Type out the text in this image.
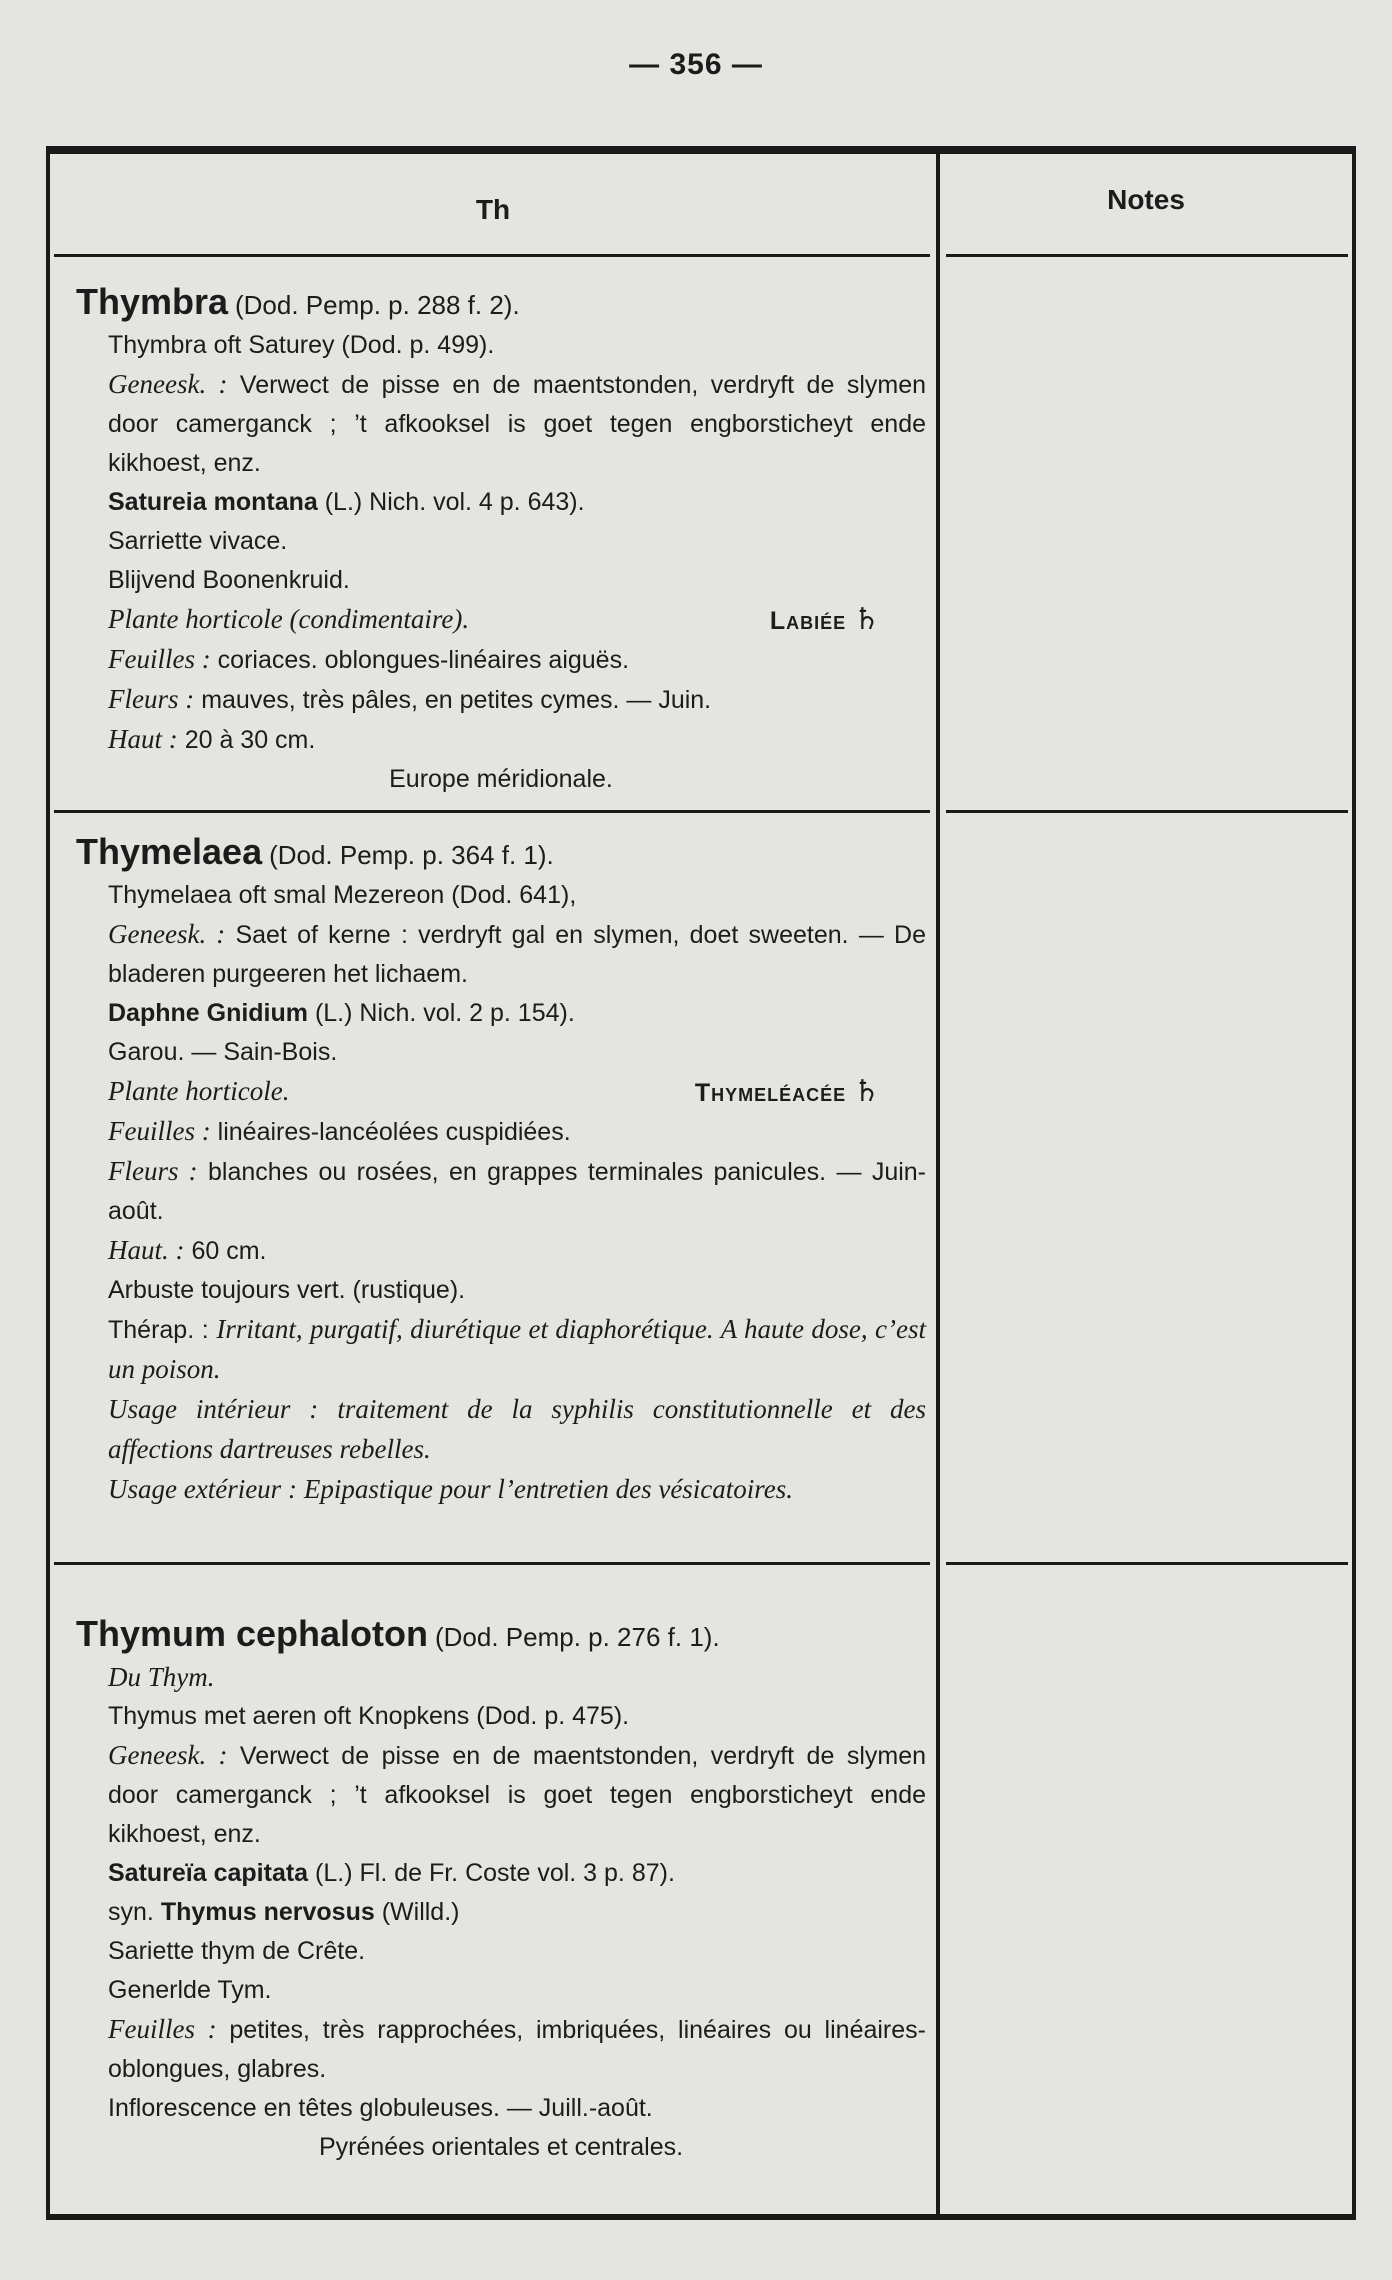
— 356 —
Th	Notes

Thymbra (Dod. Pemp. p. 288 f. 2).

Thymbra oft Saturey (Dod. p. 499).

Geneesk. : Verwect de pisse en de maentstonden, verdryft de slymen door camerganck ; ’t afkooksel is goet tegen engborsticheyt ende kikhoest, enz.

Satureia montana (L.) Nich. vol. 4 p. 643).

Sarriette vivace.

Blijvend Boonenkruid.

Plante horticole (condimentaire).	Labiée ♄

Feuilles : coriaces. oblongues-linéaires aiguës.

Fleurs : mauves, très pâles, en petites cymes. — Juin.

Haut : 20 à 30 cm.

Europe méridionale.

Thymelaea (Dod. Pemp. p. 364 f. 1).

Thymelaea oft smal Mezereon (Dod. 641),

Geneesk. : Saet of kerne : verdryft gal en slymen, doet sweeten. — De bladeren purgeeren het lichaem.

Daphne Gnidium (L.) Nich. vol. 2 p. 154).

Garou. — Sain-Bois.

Plante horticole.	Thymeléacée ♄

Feuilles : linéaires-lancéolées cuspidiées.

Fleurs : blanches ou rosées, en grappes terminales panicules. — Juin-août.

Haut. : 60 cm.

Arbuste toujours vert. (rustique).

Thérap. : Irritant, purgatif, diurétique et diaphorétique. A haute dose, c’est un poison.

Usage intérieur : traitement de la syphilis constitutionnelle et des affections dartreuses rebelles.

Usage extérieur : Epipastique pour l’entretien des vésicatoires.

Thymum cephaloton (Dod. Pemp. p. 276 f. 1).

Du Thym.

Thymus met aeren oft Knopkens (Dod. p. 475).

Geneesk. : Verwect de pisse en de maentstonden, verdryft de slymen door camerganck ; ’t afkooksel is goet tegen engborsticheyt ende kikhoest, enz.

Satureïa capitata (L.) Fl. de Fr. Coste vol. 3 p. 87).

syn. Thymus nervosus (Willd.)

Sariette thym de Crête.

Generlde Tym.

Feuilles : petites, très rapprochées, imbriquées, linéaires ou linéaires-oblongues, glabres.

Inflorescence en têtes globuleuses. — Juill.-août.

Pyrénées orientales et centrales.
